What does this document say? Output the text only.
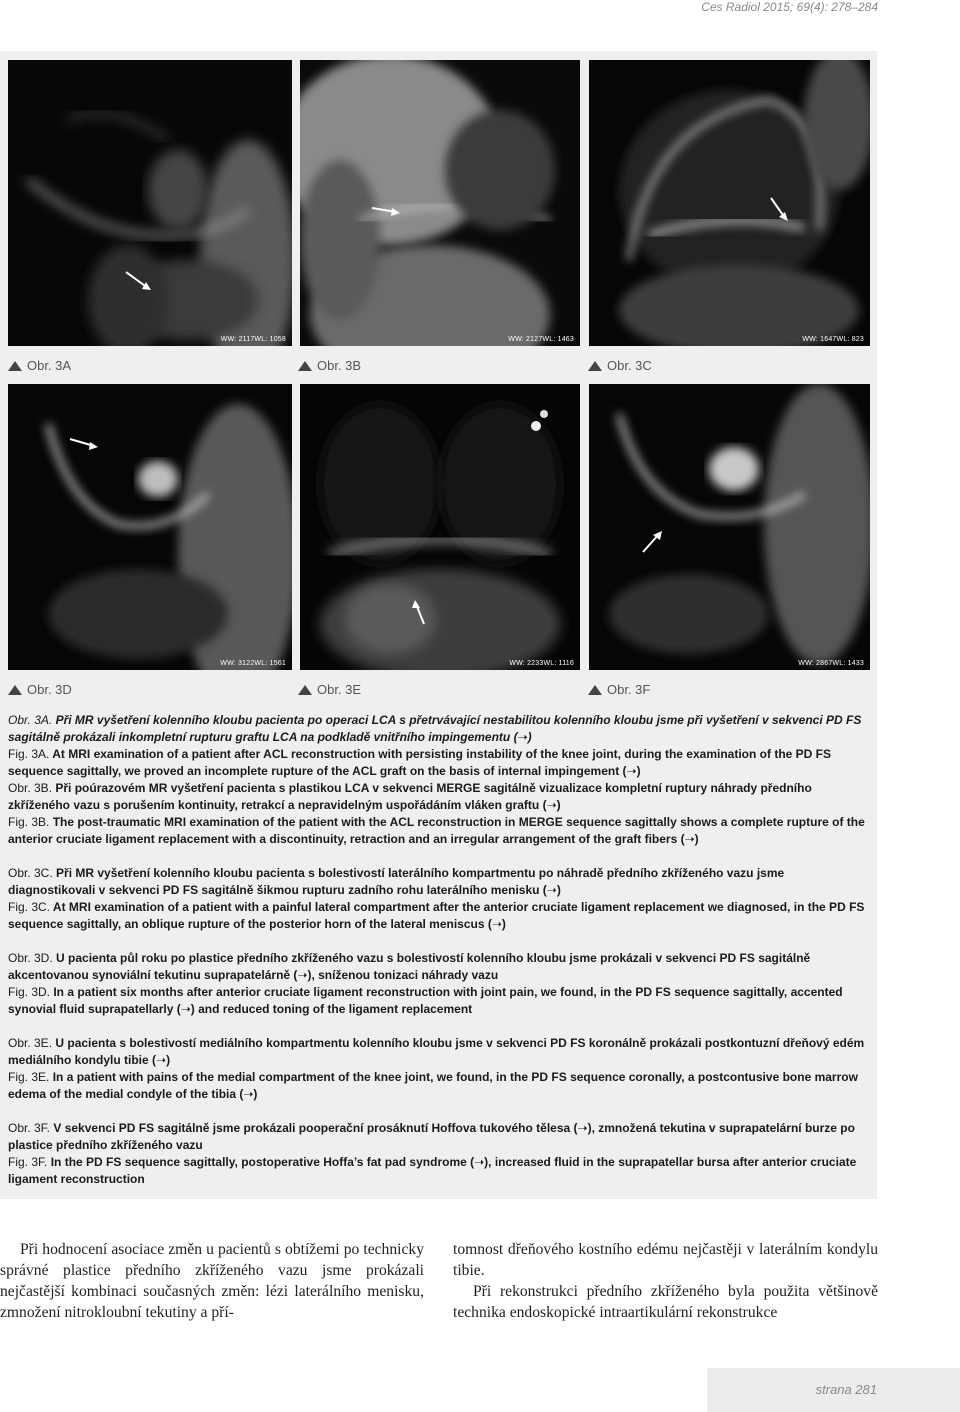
Ces Radiol 2015; 69(4): 278–284
WW: 2117WL: 1058	WW: 2127WL: 1463	WW: 1647WL: 823
Obr. 3A	Obr. 3B	Obr. 3C
WW: 3122WL: 1561	WW: 2233WL: 1116	WW: 2867WL: 1433
Obr. 3D	Obr. 3E	Obr. 3F
Obr. 3A. Při MR vyšetření kolenního kloubu pacienta po operaci LCA s přetrvávající nestabilitou kolenního kloubu jsme při vyšetření v sekvenci PD FS sagitálně prokázali inkompletní rupturu graftu LCA na podkladě vnitřního impingementu (➝)
Fig. 3A. At MRI examination of a patient after ACL reconstruction with persisting instability of the knee joint, during the examination of the PD FS sequence sagittally, we proved an incomplete rupture of the ACL graft on the basis of internal impingement (➝)
Obr. 3B. Při poúrazovém MR vyšetření pacienta s plastikou LCA v sekvenci MERGE sagitálně vizualizace kompletní ruptury náhrady předního zkříženého vazu s porušením kontinuity, retrakcí a nepravidelným uspořádáním vláken graftu (➝)
Fig. 3B. The post-traumatic MRI examination of the patient with the ACL reconstruction in MERGE sequence sagittally shows a complete rupture of the anterior cruciate ligament replacement with a discontinuity, retraction and an irregular arrangement of the graft fibers (➝)
Obr. 3C. Při MR vyšetření kolenního kloubu pacienta s bolestivostí laterálního kompartmentu po náhradě předního zkříženého vazu jsme diagnostikovali v sekvenci PD FS sagitálně šikmou rupturu zadního rohu laterálního menisku (➝)
Fig. 3C. At MRI examination of a patient with a painful lateral compartment after the anterior cruciate ligament replacement we diagnosed, in the PD FS sequence sagittally, an oblique rupture of the posterior horn of the lateral meniscus (➝)
Obr. 3D. U pacienta půl roku po plastice předního zkříženého vazu s bolestivostí kolenního kloubu jsme prokázali v sekvenci PD FS sagitálně akcentovanou synoviální tekutinu suprapatelárně (➝), sníženou tonizaci náhrady vazu
Fig. 3D. In a patient six months after anterior cruciate ligament reconstruction with joint pain, we found, in the PD FS sequence sagittally, accented synovial fluid suprapatellarly (➝) and reduced toning of the ligament replacement
Obr. 3E. U pacienta s bolestivostí mediálního kompartmentu kolenního kloubu jsme v sekvenci PD FS koronálně prokázali postkontuzní dřeňový edém mediálního kondylu tibie (➝)
Fig. 3E. In a patient with pains of the medial compartment of the knee joint, we found, in the PD FS sequence coronally, a postcontusive bone marrow edema of the medial condyle of the tibia (➝)
Obr. 3F. V sekvenci PD FS sagitálně jsme prokázali pooperační prosáknutí Hoffova tukového tělesa (➝), zmnožená tekutina v suprapatelární burze po plastice předního zkříženého vazu
Fig. 3F. In the PD FS sequence sagittally, postoperative Hoffa’s fat pad syndrome (➝), increased fluid in the suprapatellar bursa after anterior cruciate ligament reconstruction

Při hodnocení asociace změn u pacientů s obtížemi po technicky správné plastice předního zkříženého vazu jsme prokázali nejčastější kombinaci současných změn: lézi laterálního menisku, zmnožení nitrokloubní tekutiny a pří-

tomnost dřeňového kostního edému nejčastěji v laterálním kondylu tibie.

Při rekonstrukci předního zkříženého byla použita většinově technika endoskopické intraartikulární rekonstrukce

strana 281
